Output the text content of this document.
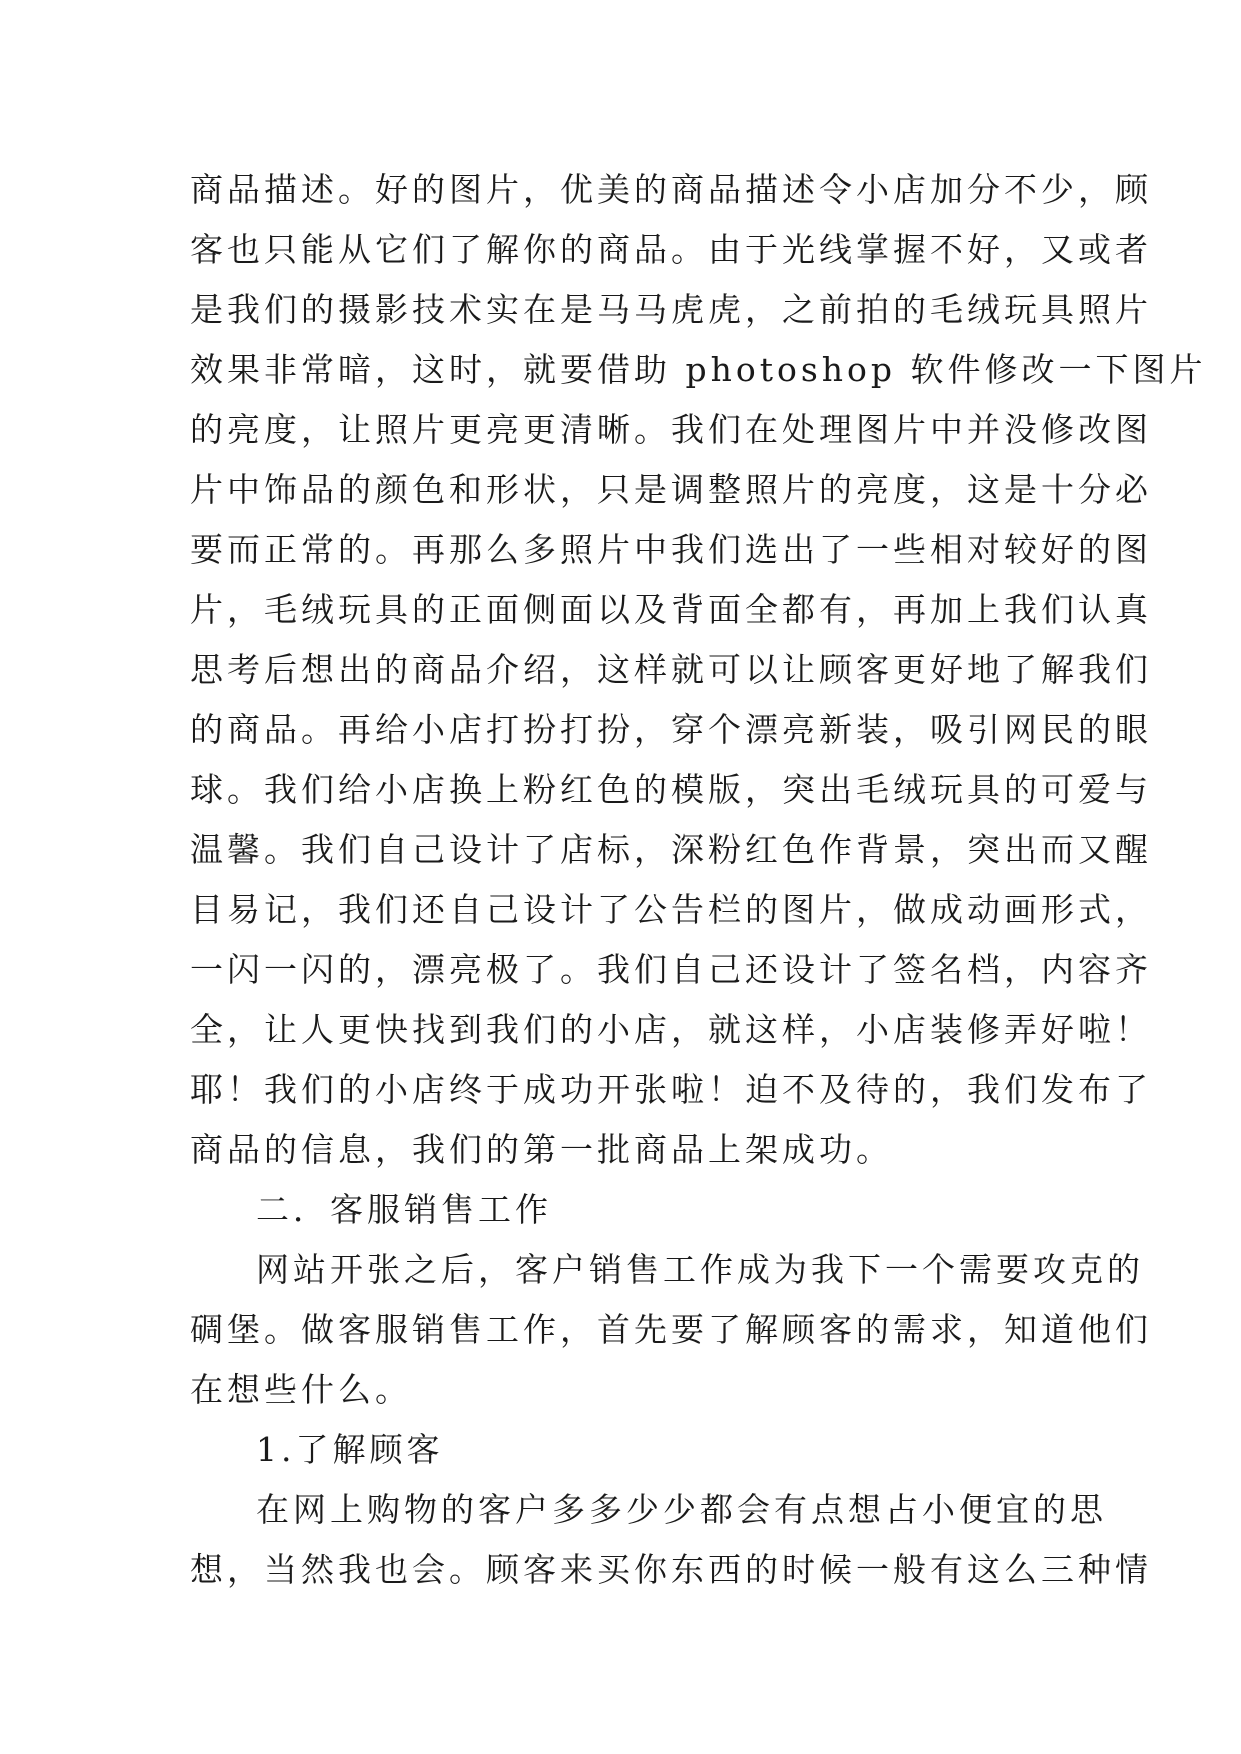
商品描述。好的图片，优美的商品描述令小店加分不少，顾
客也只能从它们了解你的商品。由于光线掌握不好，又或者
是我们的摄影技术实在是马马虎虎，之前拍的毛绒玩具照片
效果非常暗，这时，就要借助 photoshop 软件修改一下图片
的亮度，让照片更亮更清晰。我们在处理图片中并没修改图
片中饰品的颜色和形状，只是调整照片的亮度，这是十分必
要而正常的。再那么多照片中我们选出了一些相对较好的图
片，毛绒玩具的正面侧面以及背面全都有，再加上我们认真
思考后想出的商品介绍，这样就可以让顾客更好地了解我们
的商品。再给小店打扮打扮，穿个漂亮新装，吸引网民的眼
球。我们给小店换上粉红色的模版，突出毛绒玩具的可爱与
温馨。我们自己设计了店标，深粉红色作背景，突出而又醒
目易记，我们还自己设计了公告栏的图片，做成动画形式，
一闪一闪的，漂亮极了。我们自己还设计了签名档，内容齐
全，让人更快找到我们的小店，就这样，小店装修弄好啦！
耶！我们的小店终于成功开张啦！迫不及待的，我们发布了
商品的信息，我们的第一批商品上架成功。
二．客服销售工作
网站开张之后，客户销售工作成为我下一个需要攻克的
碉堡。做客服销售工作，首先要了解顾客的需求，知道他们
在想些什么。
1.了解顾客
在网上购物的客户多多少少都会有点想占小便宜的思
想，当然我也会。顾客来买你东西的时候一般有这么三种情
